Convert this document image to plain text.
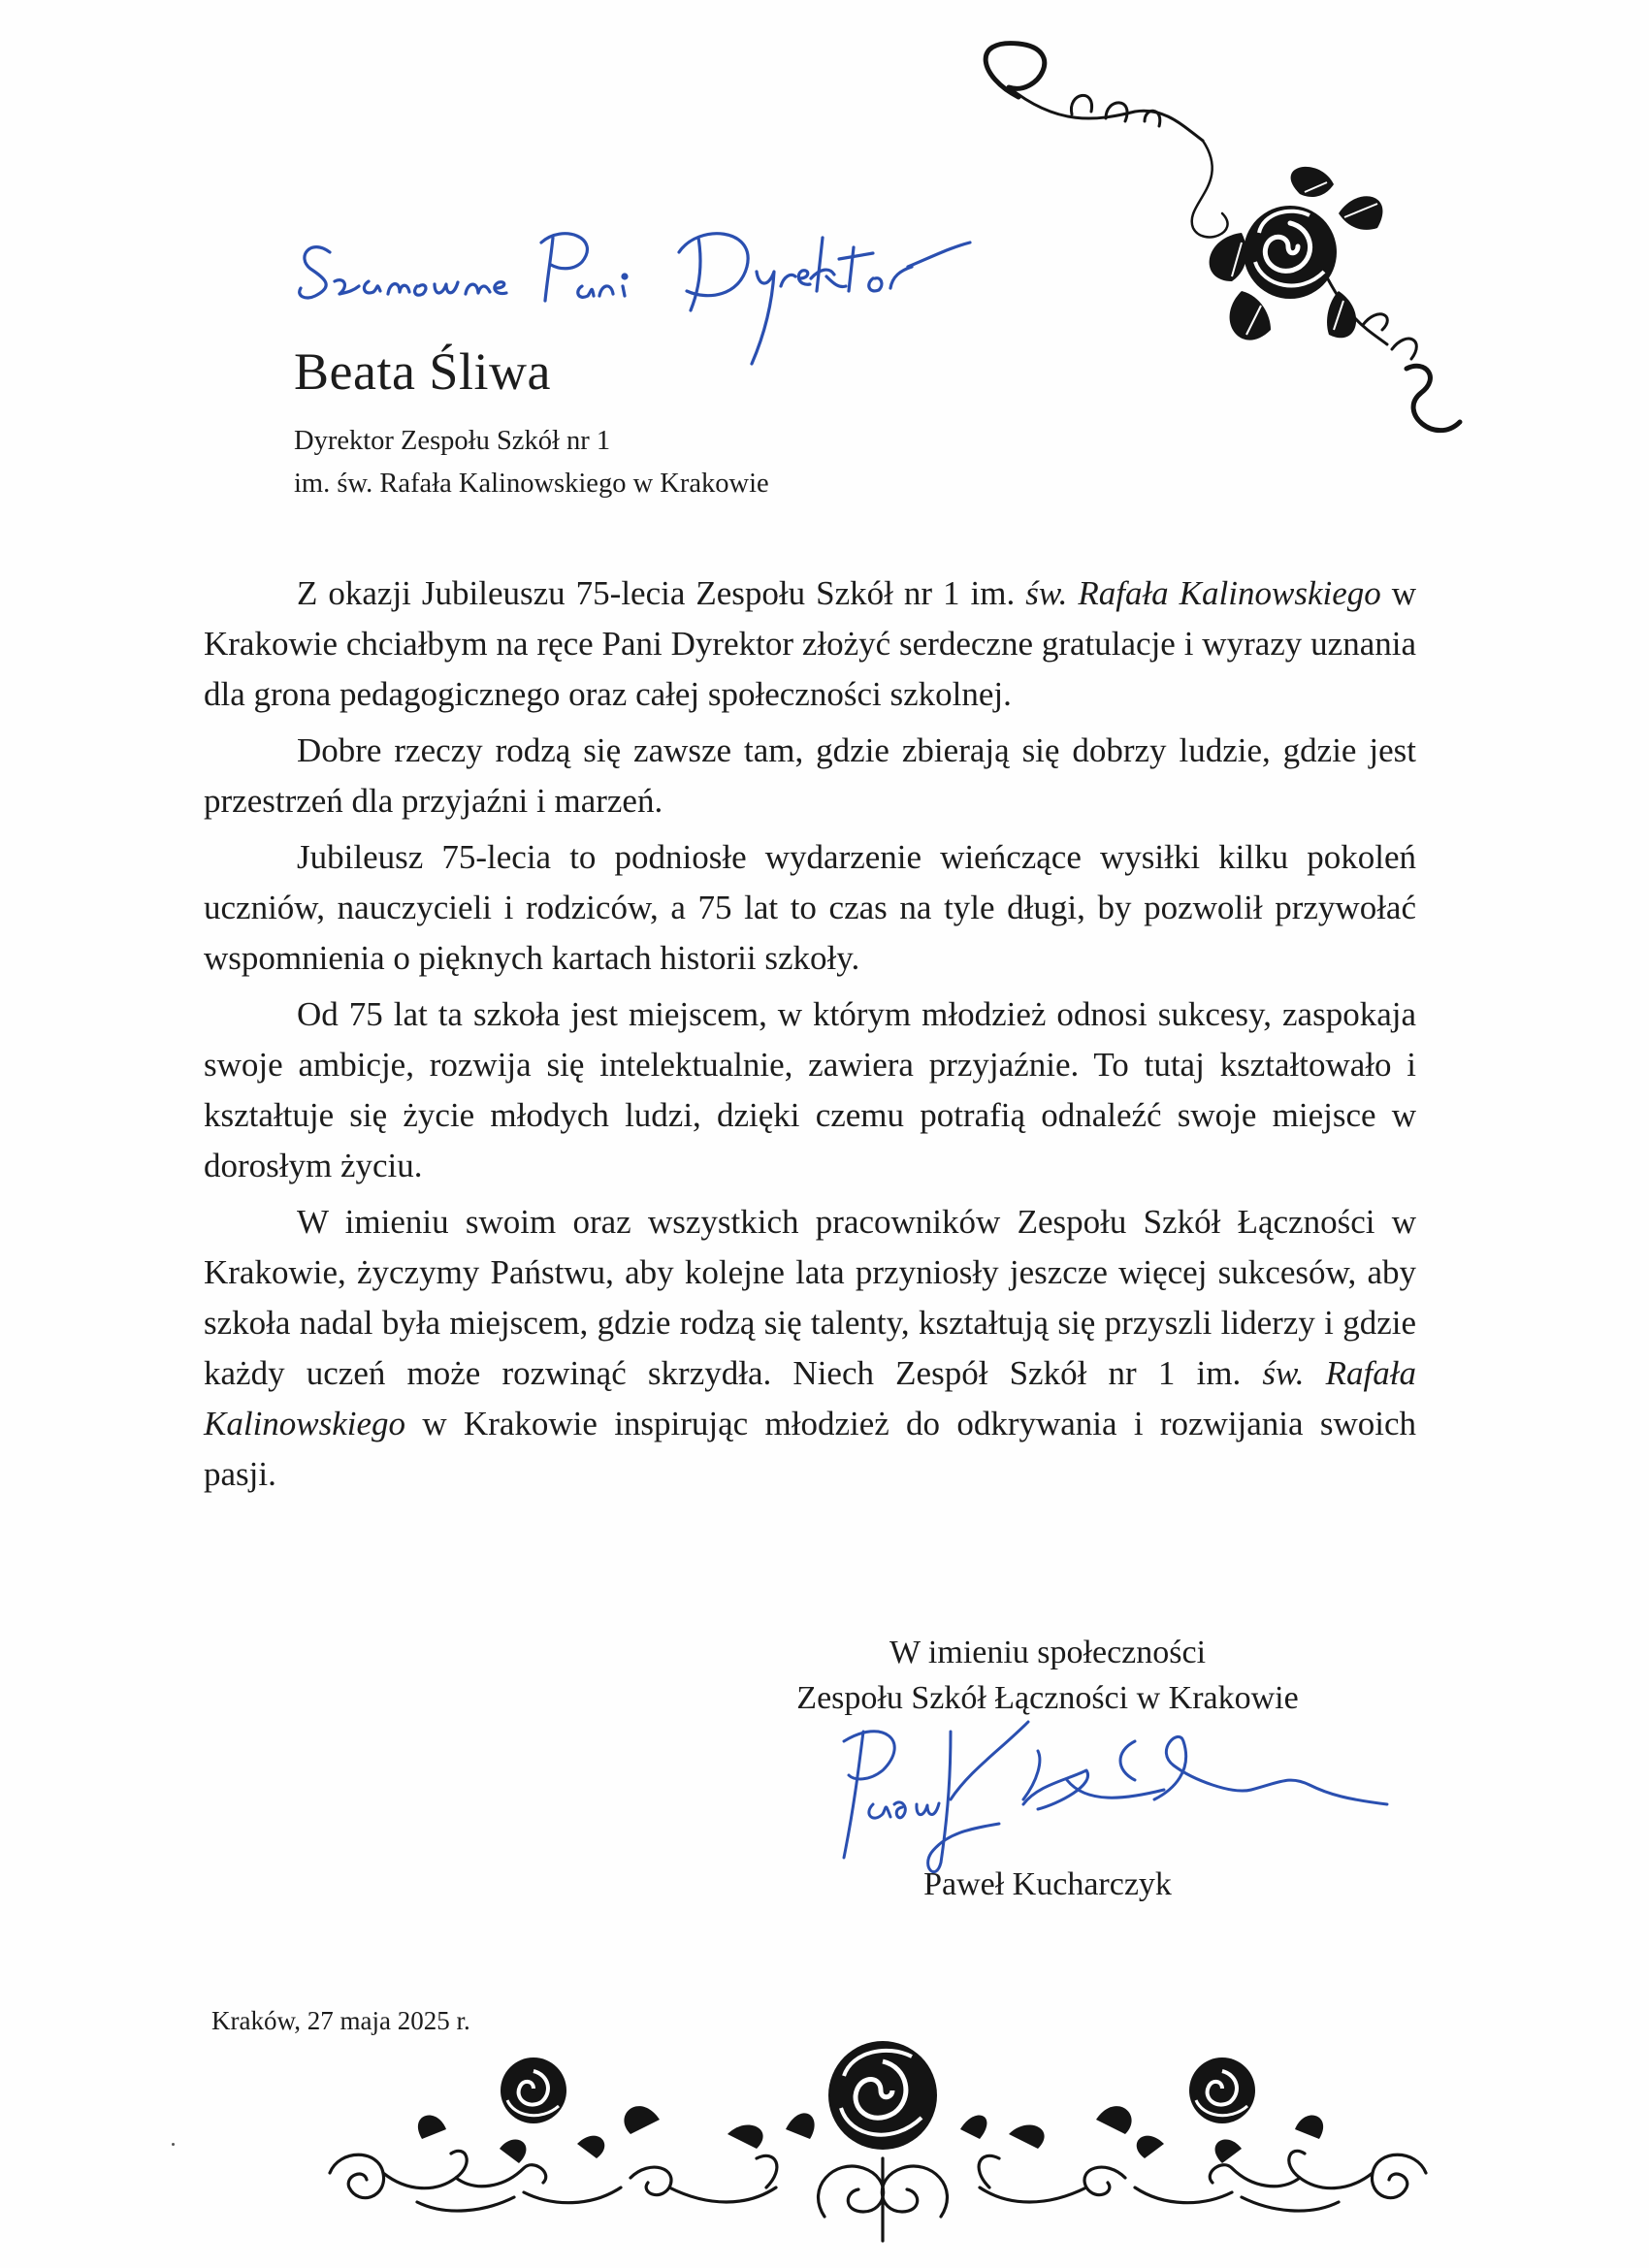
Beata Śliwa
Dyrektor Zespołu Szkół nr 1
im. św. Rafała Kalinowskiego w Krakowie

Z okazji Jubileuszu 75-lecia Zespołu Szkół nr 1 im. św. Rafała Kalinowskiego w Krakowie chciałbym na ręce Pani Dyrektor złożyć serdeczne gratulacje i wyrazy uznania dla grona pedagogicznego oraz całej społeczności szkolnej.

Dobre rzeczy rodzą się zawsze tam, gdzie zbierają się dobrzy ludzie, gdzie jest przestrzeń dla przyjaźni i marzeń.

Jubileusz 75-lecia to podniosłe wydarzenie wieńczące wysiłki kilku pokoleń uczniów, nauczycieli i rodziców, a 75 lat to czas na tyle długi, by pozwolił przywołać wspomnienia o pięknych kartach historii szkoły.

Od 75 lat ta szkoła jest miejscem, w którym młodzież odnosi sukcesy, zaspokaja swoje ambicje, rozwija się intelektualnie, zawiera przyjaźnie. To tutaj kształtowało i kształtuje się życie młodych ludzi, dzięki czemu potrafią odnaleźć swoje miejsce w dorosłym życiu.

W imieniu swoim oraz wszystkich pracowników Zespołu Szkół Łączności w Krakowie, życzymy Państwu, aby kolejne lata przyniosły jeszcze więcej sukcesów, aby szkoła nadal była miejscem, gdzie rodzą się talenty, kształtują się przyszli liderzy i gdzie każdy uczeń może rozwinąć skrzydła. Niech Zespół Szkół nr 1 im. św. Rafała Kalinowskiego w Krakowie inspirując młodzież do odkrywania i rozwijania swoich pasji.

W imieniu społeczności
Zespołu Szkół Łączności w Krakowie
Paweł Kucharczyk
Kraków, 27 maja 2025 r.
